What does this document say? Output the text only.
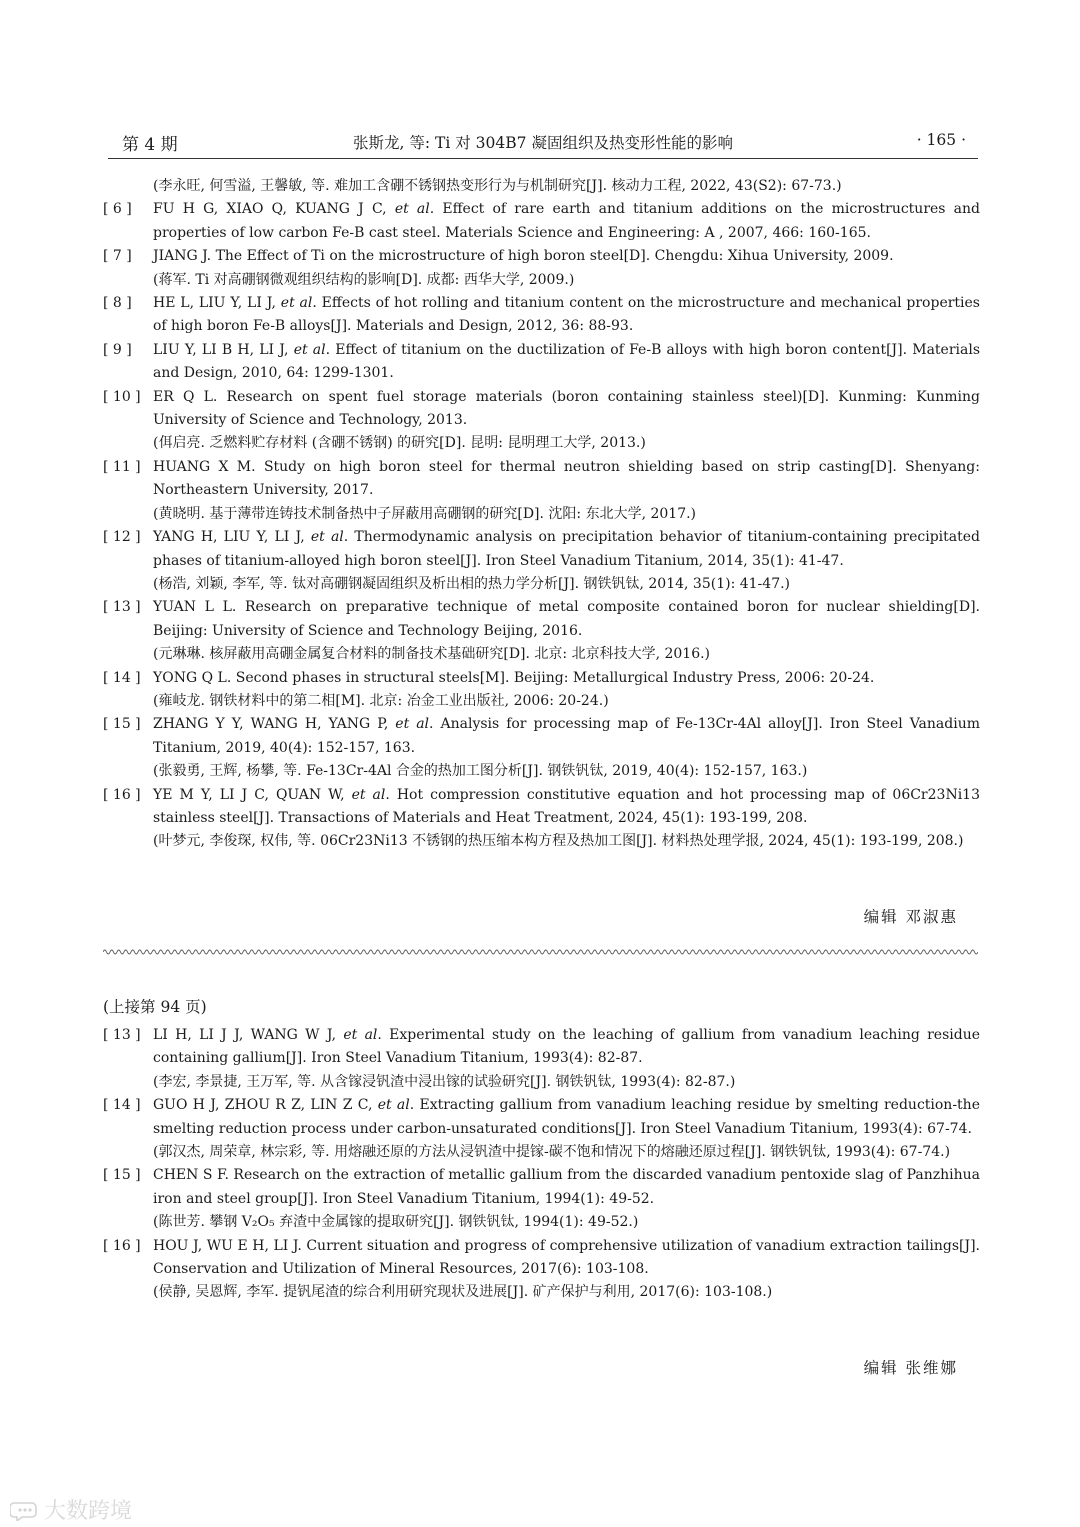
第 4 期	张斯龙, 等: Ti 对 304B7 凝固组织及热变形性能的影响	· 165 ·
(李永旺, 何雪溢, 王馨敏, 等. 难加工含硼不锈钢热变形行为与机制研究[J]. 核动力工程, 2022, 43(S2): 67-73.)
[ 6 ]	FU H G, XIAO Q, KUANG J C, et al. Effect of rare earth and titanium additions on the microstructures and properties of low carbon Fe-B cast steel. Materials Science and Engineering: A , 2007, 466: 160-165.
[ 7 ]	JIANG J. The Effect of Ti on the microstructure of high boron steel[D]. Chengdu: Xihua University, 2009.
(蒋军. Ti 对高硼钢微观组织结构的影响[D]. 成都: 西华大学, 2009.)
[ 8 ]	HE L, LIU Y, LI J, et al. Effects of hot rolling and titanium content on the microstructure and mechanical properties of high boron Fe-B alloys[J]. Materials and Design, 2012, 36: 88-93.
[ 9 ]	LIU Y, LI B H, LI J, et al. Effect of titanium on the ductilization of Fe-B alloys with high boron content[J]. Materials and Design, 2010, 64: 1299-1301.
[ 10 ] ER Q L. Research on spent fuel storage materials (boron containing stainless steel)[D]. Kunming: Kunming University of Science and Technology, 2013.
(佴启亮. 乏燃料贮存材料 (含硼不锈钢) 的研究[D]. 昆明: 昆明理工大学, 2013.)
[ 11 ] HUANG X M. Study on high boron steel for thermal neutron shielding based on strip casting[D]. Shenyang: Northeastern University, 2017.
(黄晓明. 基于薄带连铸技术制备热中子屏蔽用高硼钢的研究[D]. 沈阳: 东北大学, 2017.)
[ 12 ] YANG H, LIU Y, LI J, et al. Thermodynamic analysis on precipitation behavior of titanium-containing precipitated phases of titanium-alloyed high boron steel[J]. Iron Steel Vanadium Titanium, 2014, 35(1): 41-47.
(杨浩, 刘颖, 李军, 等. 钛对高硼钢凝固组织及析出相的热力学分析[J]. 钢铁钒钛, 2014, 35(1): 41-47.)
[ 13 ] YUAN L L. Research on preparative technique of metal composite contained boron for nuclear shielding[D]. Beijing: University of Science and Technology Beijing, 2016.
(元琳琳. 核屏蔽用高硼金属复合材料的制备技术基础研究[D]. 北京: 北京科技大学, 2016.)
[ 14 ] YONG Q L. Second phases in structural steels[M]. Beijing: Metallurgical Industry Press, 2006: 20-24.
(雍岐龙. 钢铁材料中的第二相[M]. 北京: 冶金工业出版社, 2006: 20-24.)
[ 15 ] ZHANG Y Y, WANG H, YANG P, et al. Analysis for processing map of Fe-13Cr-4Al alloy[J]. Iron Steel Vanadium Titanium, 2019, 40(4): 152-157, 163.
(张毅勇, 王辉, 杨攀, 等. Fe-13Cr-4Al 合金的热加工图分析[J]. 钢铁钒钛, 2019, 40(4): 152-157, 163.)
[ 16 ] YE M Y, LI J C, QUAN W, et al. Hot compression constitutive equation and hot processing map of 06Cr23Ni13 stainless steel[J]. Transactions of Materials and Heat Treatment, 2024, 45(1): 193-199, 208.
(叶梦元, 李俊琛, 权伟, 等. 06Cr23Ni13 不锈钢的热压缩本构方程及热加工图[J]. 材料热处理学报, 2024, 45(1): 193-199, 208.)
编辑 邓淑惠
(上接第 94 页)
[ 13 ] LI H, LI J J, WANG W J, et al. Experimental study on the leaching of gallium from vanadium leaching residue containing gallium[J]. Iron Steel Vanadium Titanium, 1993(4): 82-87.
(李宏, 李景捷, 王万军, 等. 从含镓浸钒渣中浸出镓的试验研究[J]. 钢铁钒钛, 1993(4): 82-87.)
[ 14 ] GUO H J, ZHOU R Z, LIN Z C, et al. Extracting gallium from vanadium leaching residue by smelting reduction-the smelting reduction process under carbon-unsaturated conditions[J]. Iron Steel Vanadium Titanium, 1993(4): 67-74.
(郭汉杰, 周荣章, 林宗彩, 等. 用熔融还原的方法从浸钒渣中提镓-碳不饱和情况下的熔融还原过程[J]. 钢铁钒钛, 1993(4): 67-74.)
[ 15 ] CHEN S F. Research on the extraction of metallic gallium from the discarded vanadium pentoxide slag of Panzhihua iron and steel group[J]. Iron Steel Vanadium Titanium, 1994(1): 49-52.
(陈世芳. 攀钢 V₂O₅ 弃渣中金属镓的提取研究[J]. 钢铁钒钛, 1994(1): 49-52.)
[ 16 ] HOU J, WU E H, LI J. Current situation and progress of comprehensive utilization of vanadium extraction tailings[J]. Conservation and Utilization of Mineral Resources, 2017(6): 103-108.
(侯静, 吴恩辉, 李军. 提钒尾渣的综合利用研究现状及进展[J]. 矿产保护与利用, 2017(6): 103-108.)
编辑 张维娜
大数跨境
